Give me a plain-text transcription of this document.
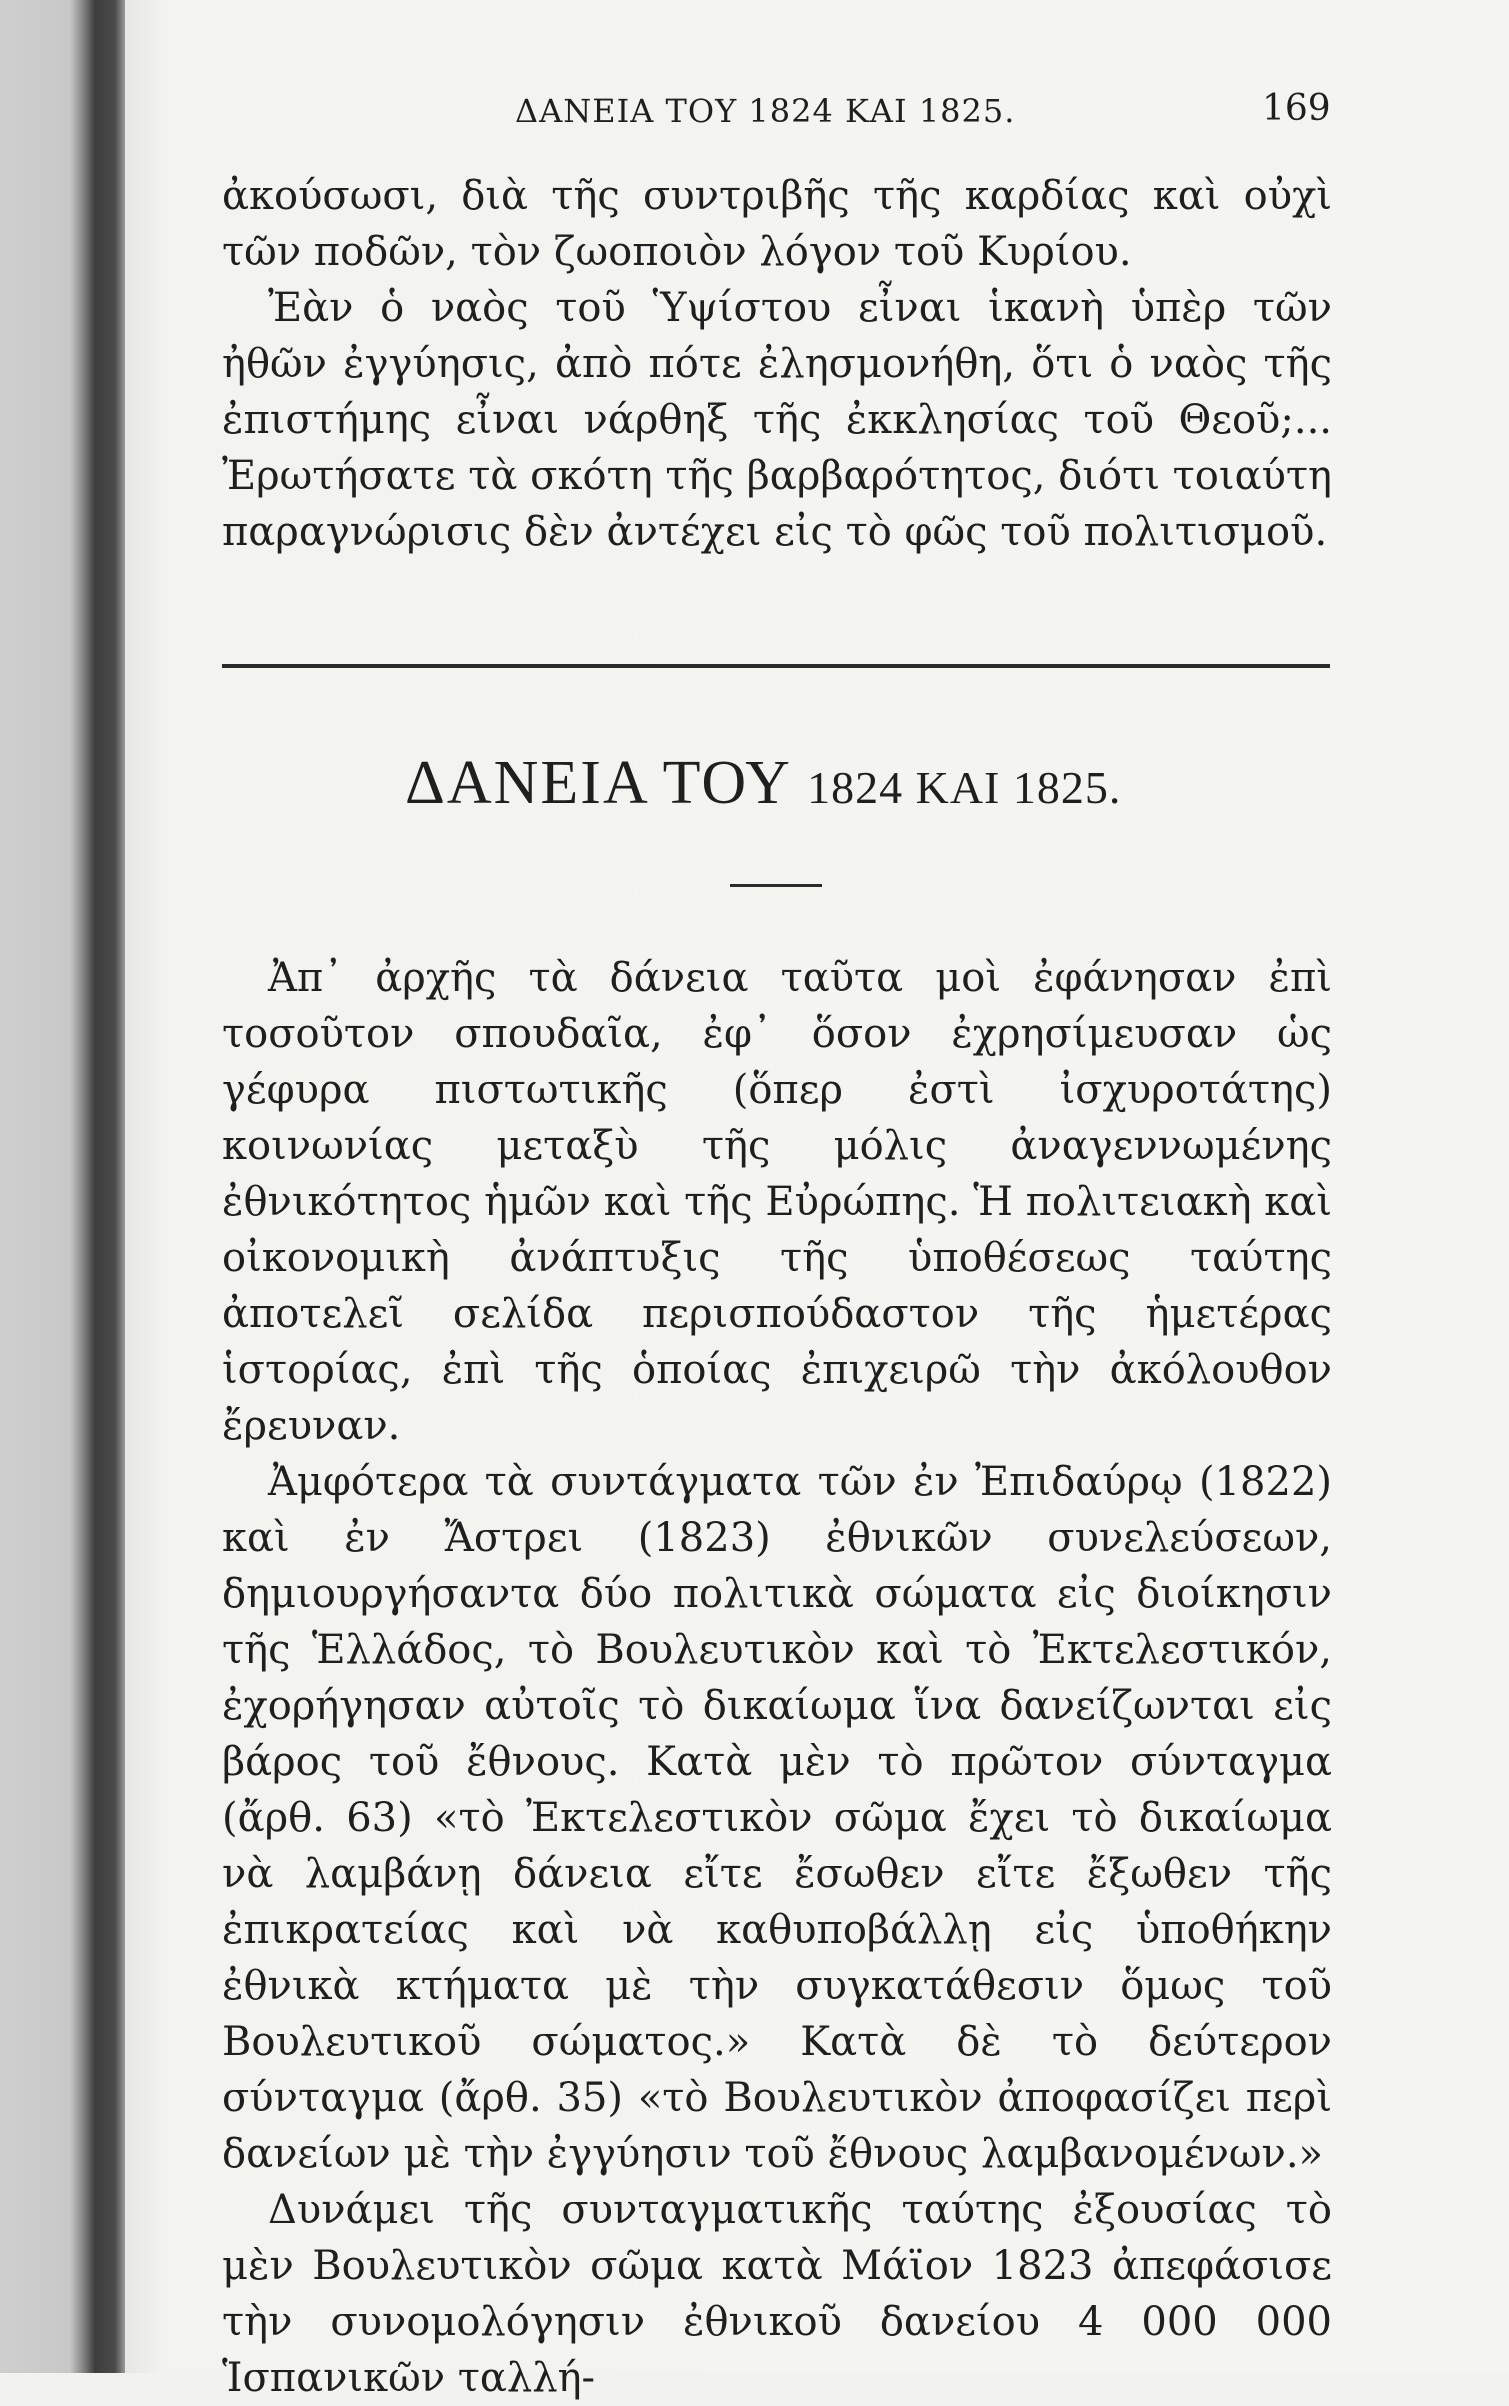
ΔΑΝΕΙΑ ΤΟΥ 1824 ΚΑΙ 1825.	169

ἀκούσωσι, διὰ τῆς συντριβῆς τῆς καρδίας καὶ οὐχὶ τῶν ποδῶν, τὸν ζωοποιὸν λόγον τοῦ Κυρίου.

Ἐὰν ὁ ναὸς τοῦ Ὑψίστου εἶναι ἱκανὴ ὑπὲρ τῶν ἠθῶν ἐγγύησις, ἀπὸ πότε ἐλησμονήθη, ὅτι ὁ ναὸς τῆς ἐπιστήμης εἶναι νάρθηξ τῆς ἐκκλησίας τοῦ Θεοῦ;... Ἐρωτήσατε τὰ σκότη τῆς βαρβαρότητος, διότι τοιαύτη παραγνώρισις δὲν ἀντέχει εἰς τὸ φῶς τοῦ πολιτισμοῦ.

ΔΑΝΕΙΑ ΤΟΥ 1824 ΚΑΙ 1825.

Ἀπ᾽ ἀρχῆς τὰ δάνεια ταῦτα μοὶ ἐφάνησαν ἐπὶ τοσοῦτον σπουδαῖα, ἐφ᾽ ὅσον ἐχρησίμευσαν ὡς γέφυρα πιστωτικῆς (ὅπερ ἐστὶ ἰσχυροτάτης) κοινωνίας μεταξὺ τῆς μόλις ἀναγεννωμένης ἐθνικότητος ἡμῶν καὶ τῆς Εὐρώπης. Ἡ πολιτειακὴ καὶ οἰκονομικὴ ἀνάπτυξις τῆς ὑποθέσεως ταύτης ἀποτελεῖ σελίδα περισπούδαστον τῆς ἡμετέρας ἱστορίας, ἐπὶ τῆς ὁποίας ἐπιχειρῶ τὴν ἀκόλουθον ἔρευναν.

Ἀμφότερα τὰ συντάγματα τῶν ἐν Ἐπιδαύρῳ (1822) καὶ ἐν Ἄστρει (1823) ἐθνικῶν συνελεύσεων, δημιουργήσαντα δύο πολιτικὰ σώματα εἰς διοίκησιν τῆς Ἑλλάδος, τὸ Βουλευτικὸν καὶ τὸ Ἐκτελεστικόν, ἐχορήγησαν αὐτοῖς τὸ δικαίωμα ἵνα δανείζωνται εἰς βάρος τοῦ ἔθνους. Κατὰ μὲν τὸ πρῶτον σύνταγμα (ἄρθ. 63) «τὸ Ἐκτελεστικὸν σῶμα ἔχει τὸ δικαίωμα νὰ λαμβάνῃ δάνεια εἴτε ἔσωθεν εἴτε ἔξωθεν τῆς ἐπικρατείας καὶ νὰ καθυποβάλλῃ εἰς ὑποθήκην ἐθνικὰ κτήματα μὲ τὴν συγκατάθεσιν ὅμως τοῦ Βουλευτικοῦ σώματος.» Κατὰ δὲ τὸ δεύτερον σύνταγμα (ἄρθ. 35) «τὸ Βουλευτικὸν ἀποφασίζει περὶ δανείων μὲ τὴν ἐγγύησιν τοῦ ἔθνους λαμβανομένων.»

Δυνάμει τῆς συνταγματικῆς ταύτης ἐξουσίας τὸ μὲν Βουλευτικὸν σῶμα κατὰ Μάϊον 1823 ἀπεφάσισε τὴν συνομολόγησιν ἐθνικοῦ δανείου 4 000 000 Ἱσπανικῶν ταλλή-
